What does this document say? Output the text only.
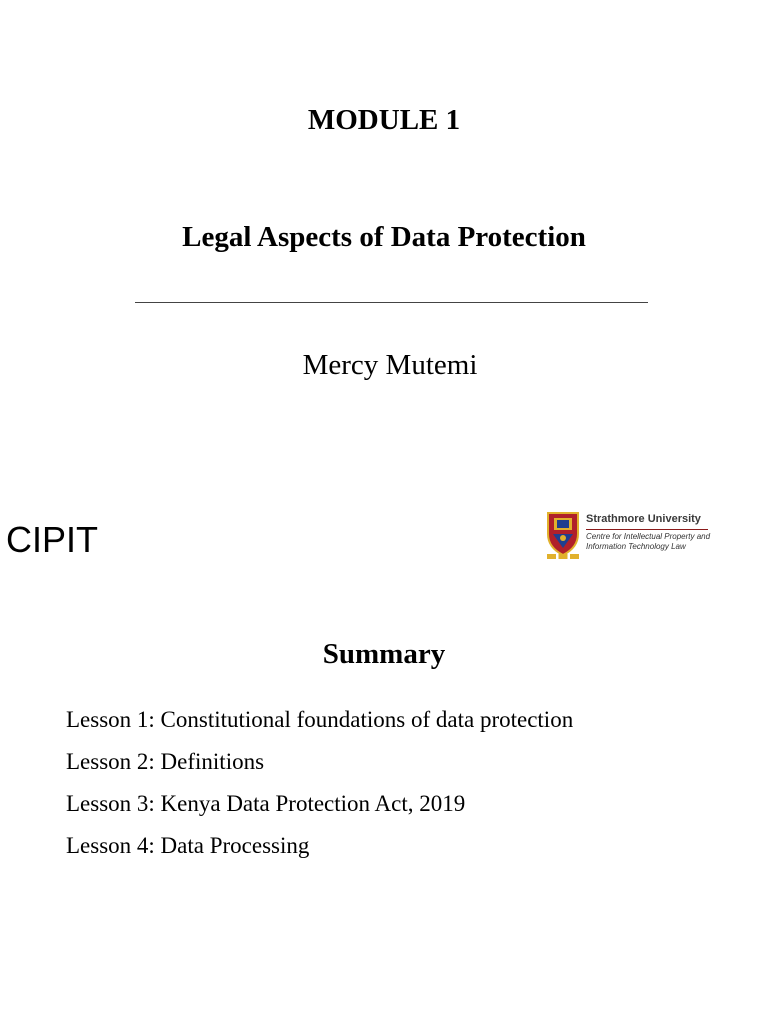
MODULE 1
Legal Aspects of Data Protection
Mercy Mutemi
CIPIT	Strathmore University
Centre for Intellectual Property and
Information Technology Law
Summary
Lesson 1: Constitutional foundations of data protection
Lesson 2: Definitions
Lesson 3: Kenya Data Protection Act, 2019
Lesson 4: Data Processing
